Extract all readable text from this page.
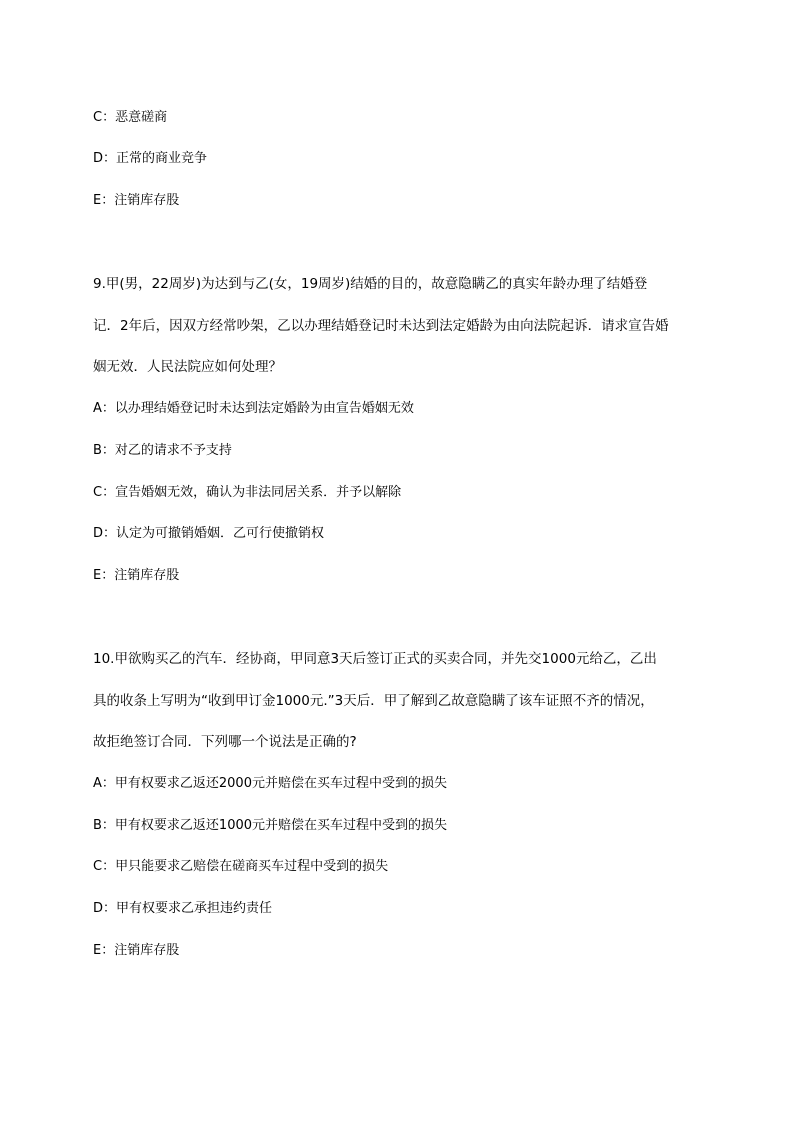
C：恶意磋商
D：正常的商业竞争
E：注销库存股
9.甲(男，22周岁)为达到与乙(女，19周岁)结婚的目的，故意隐瞒乙的真实年龄办理了结婚登
记．2年后，因双方经常吵架，乙以办理结婚登记时未达到法定婚龄为由向法院起诉．请求宣告婚
姻无效．人民法院应如何处理？
A：以办理结婚登记时未达到法定婚龄为由宣告婚姻无效
B：对乙的请求不予支持
C：宣告婚姻无效，确认为非法同居关系．并予以解除
D：认定为可撤销婚姻．乙可行使撤销权
E：注销库存股
10.甲欲购买乙的汽车．经协商，甲同意3天后签订正式的买卖合同，并先交1000元给乙，乙出
具的收条上写明为“收到甲订金1000元.”3天后．甲了解到乙故意隐瞒了该车证照不齐的情况，
故拒绝签订合同．下列哪一个说法是正确的?
A：甲有权要求乙返还2000元并赔偿在买车过程中受到的损失
B：甲有权要求乙返还1000元并赔偿在买车过程中受到的损失
C：甲只能要求乙赔偿在磋商买车过程中受到的损失
D：甲有权要求乙承担违约责任
E：注销库存股
